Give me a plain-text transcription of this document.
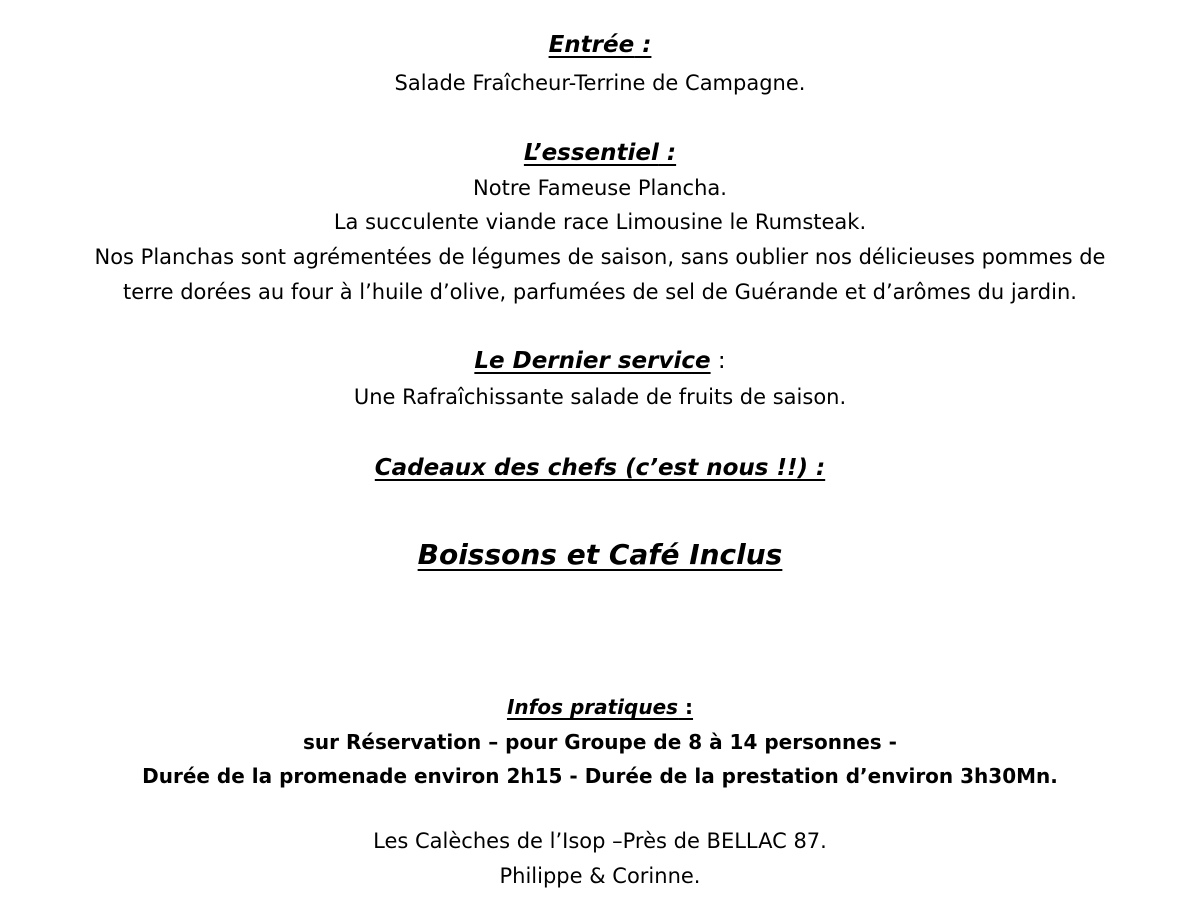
Entrée :
Salade Fraîcheur-Terrine de Campagne.
L’essentiel :
Notre Fameuse Plancha.
La succulente viande race Limousine le Rumsteak.
Nos Planchas sont agrémentées de légumes de saison, sans oublier nos délicieuses pommes de
terre dorées au four à l’huile d’olive, parfumées de sel de Guérande et d’arômes du jardin.
Le Dernier service :
Une Rafraîchissante salade de fruits de saison.
Cadeaux des chefs (c’est nous !!) :
Boissons et Café Inclus
Infos pratiques :
sur Réservation – pour Groupe de 8 à 14 personnes -
Durée de la promenade environ 2h15 - Durée de la prestation d’environ 3h30Mn.
Les Calèches de l’Isop –Près de BELLAC 87.
Philippe & Corinne.
